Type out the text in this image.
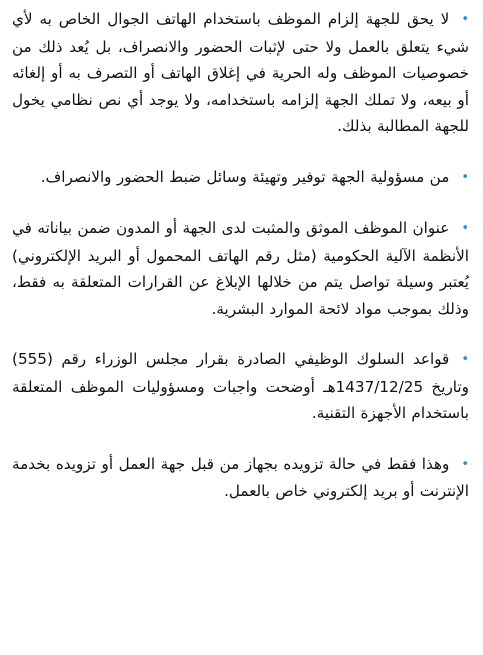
•لا يحق للجهة إلزام الموظف باستخدام الهاتف الجوال الخاص به لأي شيء يتعلق بالعمل ولا حتى لإثبات الحضور والانصراف، بل يُعد ذلك من خصوصيات الموظف وله الحرية في إغلاق الهاتف أو التصرف به أو إلغائه أو بيعه، ولا تملك الجهة إلزامه باستخدامه، ولا يوجد أي نص نظامي يخول للجهة المطالبة بذلك.
•من مسؤولية الجهة توفير وتهيئة وسائل ضبط الحضور والانصراف.
•عنوان الموظف الموثق والمثبت لدى الجهة أو المدون ضمن بياناته في الأنظمة الآلية الحكومية (مثل رقم الهاتف المحمول أو البريد الإلكتروني) يُعتبر وسيلة تواصل يتم من خلالها الإبلاغ عن القرارات المتعلقة به فقط، وذلك بموجب مواد لائحة الموارد البشرية.
•قواعد السلوك الوظيفي الصادرة بقرار مجلس الوزراء رقم (555) وتاريخ 1437/12/25هـ أوضحت واجبات ومسؤوليات الموظف المتعلقة باستخدام الأجهزة التقنية.
•وهذا فقط في حالة تزويده بجهاز من قبل جهة العمل أو تزويده بخدمة الإنترنت أو بريد إلكتروني خاص بالعمل.
